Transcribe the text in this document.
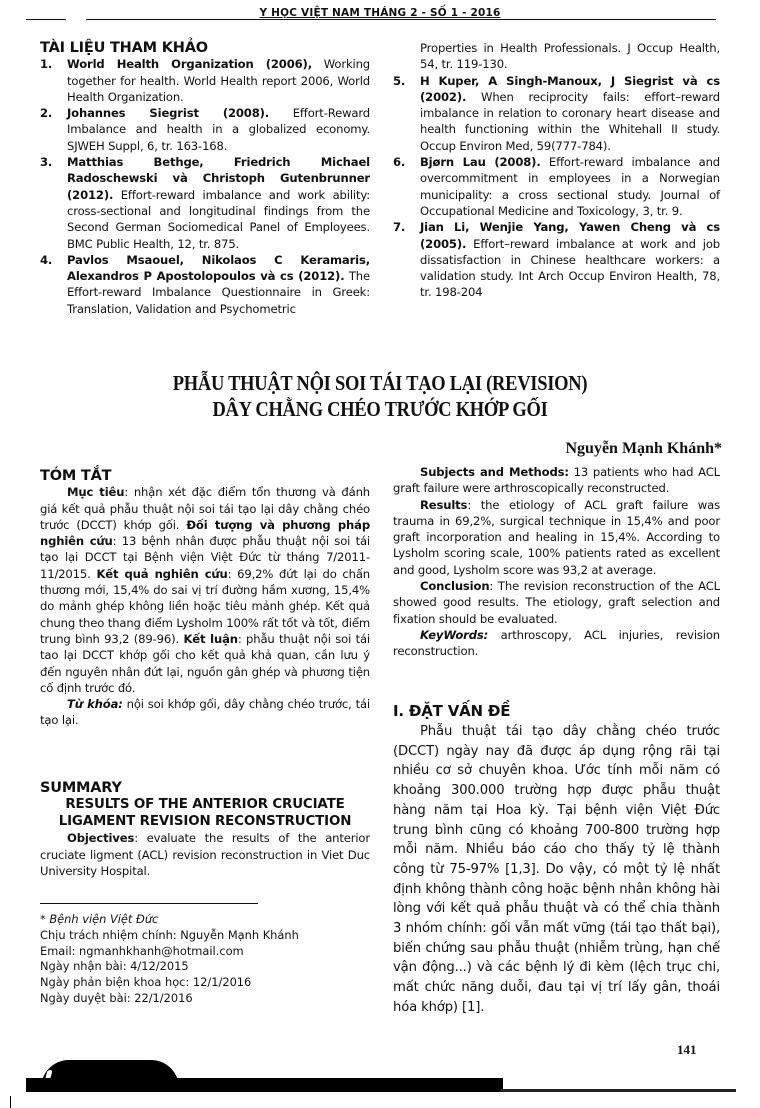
Y HỌC VIỆT NAM THÁNG 2 - SỐ 1 - 2016
TÀI LIỆU THAM KHẢO
1. World Health Organization (2006), Working together for health. World Health report 2006, World Health Organization.
2. Johannes Siegrist (2008). Effort-Reward Imbalance and health in a globalized economy. SJWEH Suppl, 6, tr. 163-168.
3. Matthias Bethge, Friedrich Michael Radoschewski và Christoph Gutenbrunner (2012). Effort-reward imbalance and work ability: cross-sectional and longitudinal findings from the Second German Sociomedical Panel of Employees. BMC Public Health, 12, tr. 875.
4. Pavlos Msaouel, Nikolaos C Keramaris, Alexandros P Apostolopoulos và cs (2012). The Effort-reward Imbalance Questionnaire in Greek: Translation, Validation and Psychometric
Properties in Health Professionals. J Occup Health, 54, tr. 119-130.
5. H Kuper, A Singh-Manoux, J Siegrist và cs (2002). When reciprocity fails: effort–reward imbalance in relation to coronary heart disease and health functioning within the Whitehall II study. Occup Environ Med, 59(777-784).
6. Bjørn Lau (2008). Effort-reward imbalance and overcommitment in employees in a Norwegian municipality: a cross sectional study. Journal of Occupational Medicine and Toxicology, 3, tr. 9.
7. Jian Li, Wenjie Yang, Yawen Cheng và cs (2005). Effort–reward imbalance at work and job dissatisfaction in Chinese healthcare workers: a validation study. Int Arch Occup Environ Health, 78, tr. 198-204
PHẪU THUẬT NỘI SOI TÁI TẠO LẠI (REVISION)
DÂY CHẰNG CHÉO TRƯỚC KHỚP GỐI
Nguyễn Mạnh Khánh*
TÓM TẮT

Mục tiêu: nhận xét đặc điểm tổn thương và đánh giá kết quả phẫu thuật nội soi tái tạo lại dây chằng chéo trước (DCCT) khớp gối. Đối tượng và phương pháp nghiên cứu: 13 bệnh nhân được phẫu thuật nội soi tái tạo lại DCCT tại Bệnh viện Việt Đức từ tháng 7/2011-11/2015. Kết quả nghiên cứu: 69,2% đứt lại do chấn thương mới, 15,4% do sai vị trí đường hầm xương, 15,4% do mảnh ghép không liền hoặc tiêu mảnh ghép. Kết quả chung theo thang điểm Lysholm 100% rất tốt và tốt, điểm trung bình 93,2 (89-96). Kết luận: phẫu thuật nội soi tái tao lại DCCT khớp gối cho kết quả khả quan, cần lưu ý đến nguyên nhân đứt lại, nguồn gân ghép và phương tiện cố định trước đó.

Từ khóa: nội soi khớp gối, dây chằng chéo trước, tái tạo lại.

SUMMARY
RESULTS OF THE ANTERIOR CRUCIATE
LIGAMENT REVISION RECONSTRUCTION

Objectives: evaluate the results of the anterior cruciate ligment (ACL) revision reconstruction in Viet Duc University Hospital.

* Bệnh viện Việt Đức
Chịu trách nhiệm chính: Nguyễn Mạnh Khánh
Email: ngmanhkhanh@hotmail.com
Ngày nhận bài: 4/12/2015
Ngày phản biện khoa học: 12/1/2016
Ngày duyệt bài: 22/1/2016

Subjects and Methods: 13 patients who had ACL graft failure were arthroscopically reconstructed.

Results: the etiology of ACL graft failure was trauma in 69,2%, surgical technique in 15,4% and poor graft incorporation and healing in 15,4%. According to Lysholm scoring scale, 100% patients rated as excellent and good, Lysholm score was 93,2 at average.

Conclusion: The revision reconstruction of the ACL showed good results. The etiology, graft selection and fixation should be evaluated.

KeyWords: arthroscopy, ACL injuries, revision reconstruction.

I. ĐẶT VẤN ĐỀ

Phẫu thuật tái tạo dây chằng chéo trước (DCCT) ngày nay đã được áp dụng rộng rãi tại nhiều cơ sở chuyên khoa. Ước tính mỗi năm có khoảng 300.000 trường hợp được phẫu thuật hàng năm tại Hoa kỳ. Tại bệnh viện Việt Đức trung bình cũng có khoảng 700-800 trường hợp mỗi năm. Nhiều báo cáo cho thấy tỷ lệ thành công từ 75-97% [1,3]. Do vậy, có một tỷ lệ nhất định không thành công hoặc bệnh nhân không hài lòng với kết quả phẫu thuật và có thể chia thành 3 nhóm chính: gối vẫn mất vững (tái tạo thất bại), biến chứng sau phẫu thuật (nhiễm trùng, hạn chế vận động...) và các bệnh lý đi kèm (lệch trục chi, mất chức năng duỗi, đau tại vị trí lấy gân, thoái hóa khớp) [1].

141
